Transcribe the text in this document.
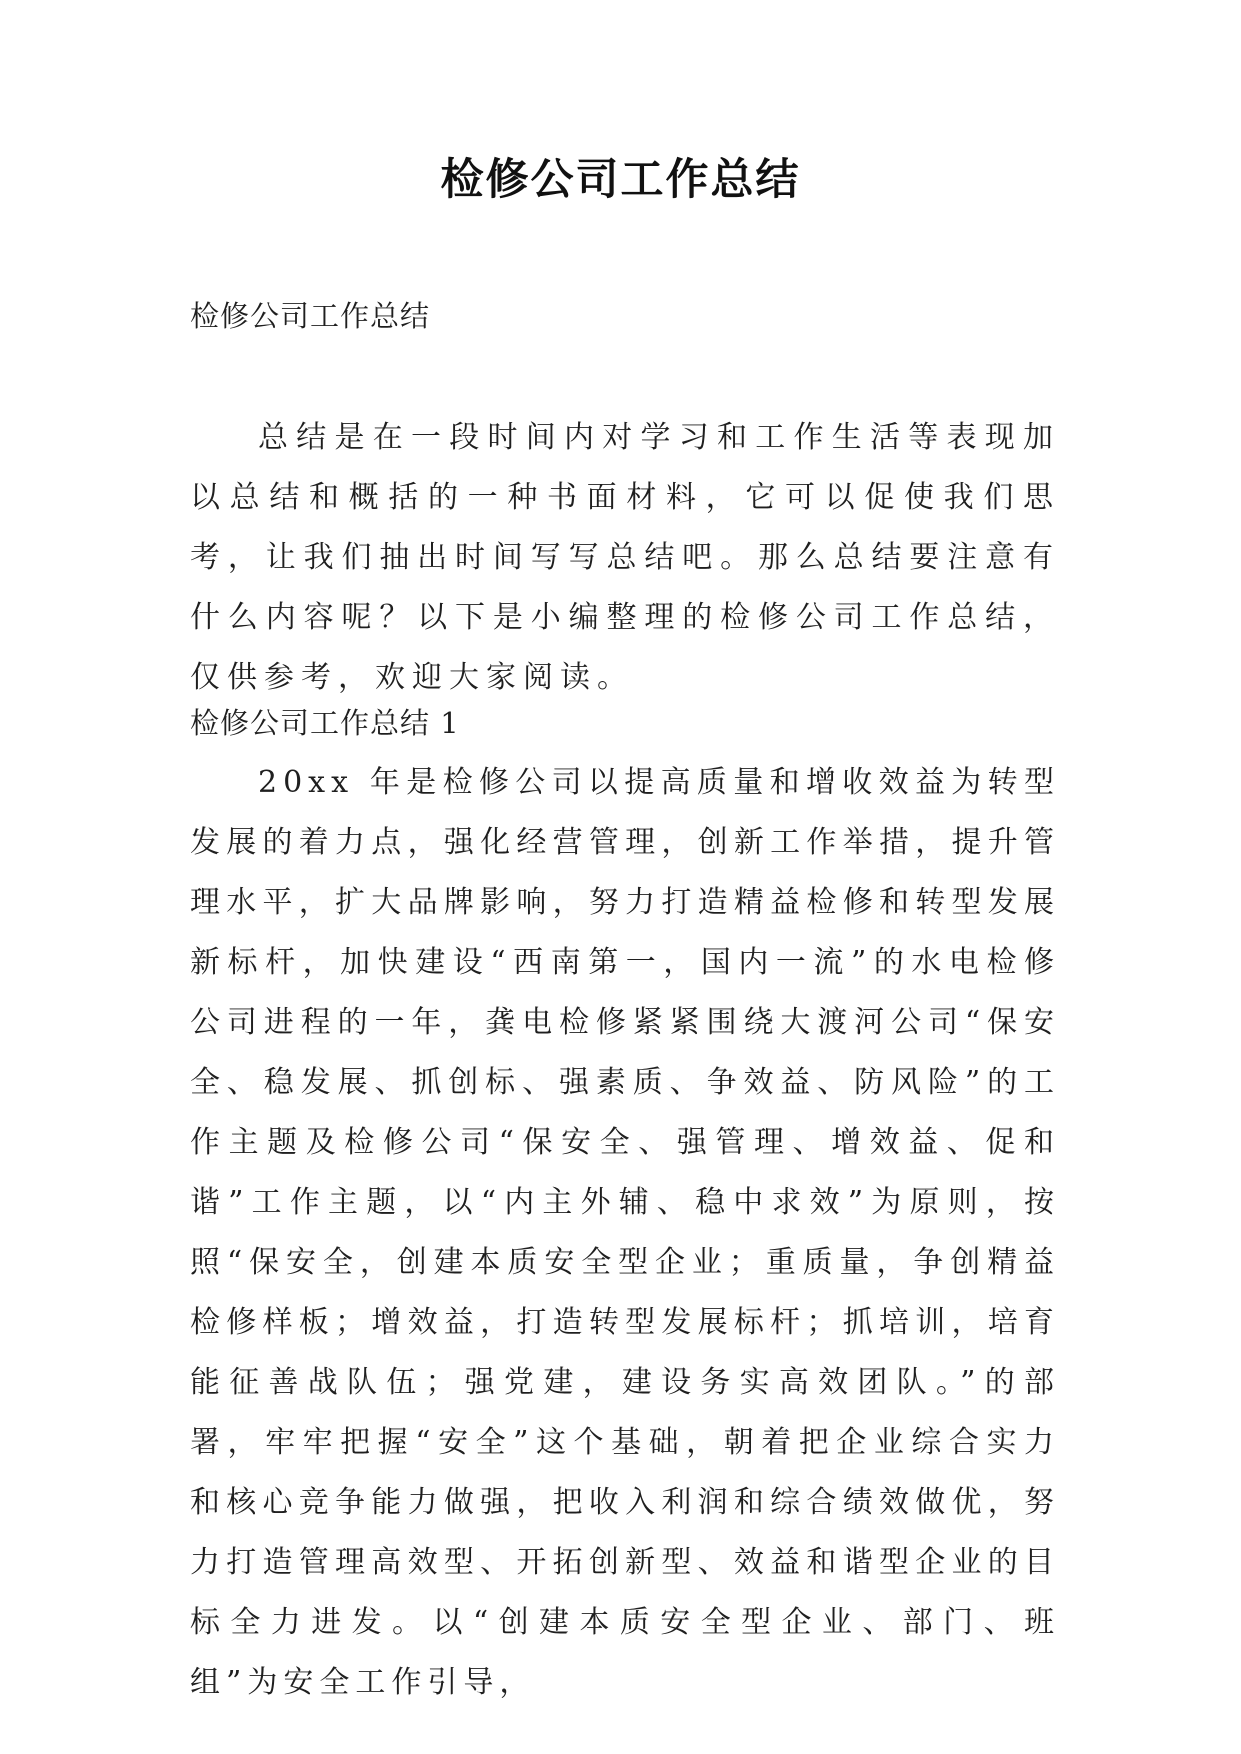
检修公司工作总结
检修公司工作总结

总结是在一段时间内对学习和工作生活等表现加以总结和概括的一种书面材料，它可以促使我们思考，让我们抽出时间写写总结吧。那么总结要注意有什么内容呢？以下是小编整理的检修公司工作总结，仅供参考，欢迎大家阅读。

检修公司工作总结 1

20xx 年是检修公司以提高质量和增收效益为转型发展的着力点，强化经营管理，创新工作举措，提升管理水平，扩大品牌影响，努力打造精益检修和转型发展新标杆，加快建设“西南第一，国内一流”的水电检修公司进程的一年，龚电检修紧紧围绕大渡河公司“保安全、稳发展、抓创标、强素质、争效益、防风险”的工作主题及检修公司“保安全、强管理、增效益、促和谐”工作主题，以“内主外辅、稳中求效”为原则，按照“保安全，创建本质安全型企业；重质量，争创精益检修样板；增效益，打造转型发展标杆；抓培训，培育能征善战队伍；强党建，建设务实高效团队。”的部署，牢牢把握“安全”这个基础，朝着把企业综合实力和核心竞争能力做强，把收入利润和综合绩效做优，努力打造管理高效型、开拓创新型、效益和谐型企业的目标全力进发。以“创建本质安全型企业、部门、班组”为安全工作引导，
